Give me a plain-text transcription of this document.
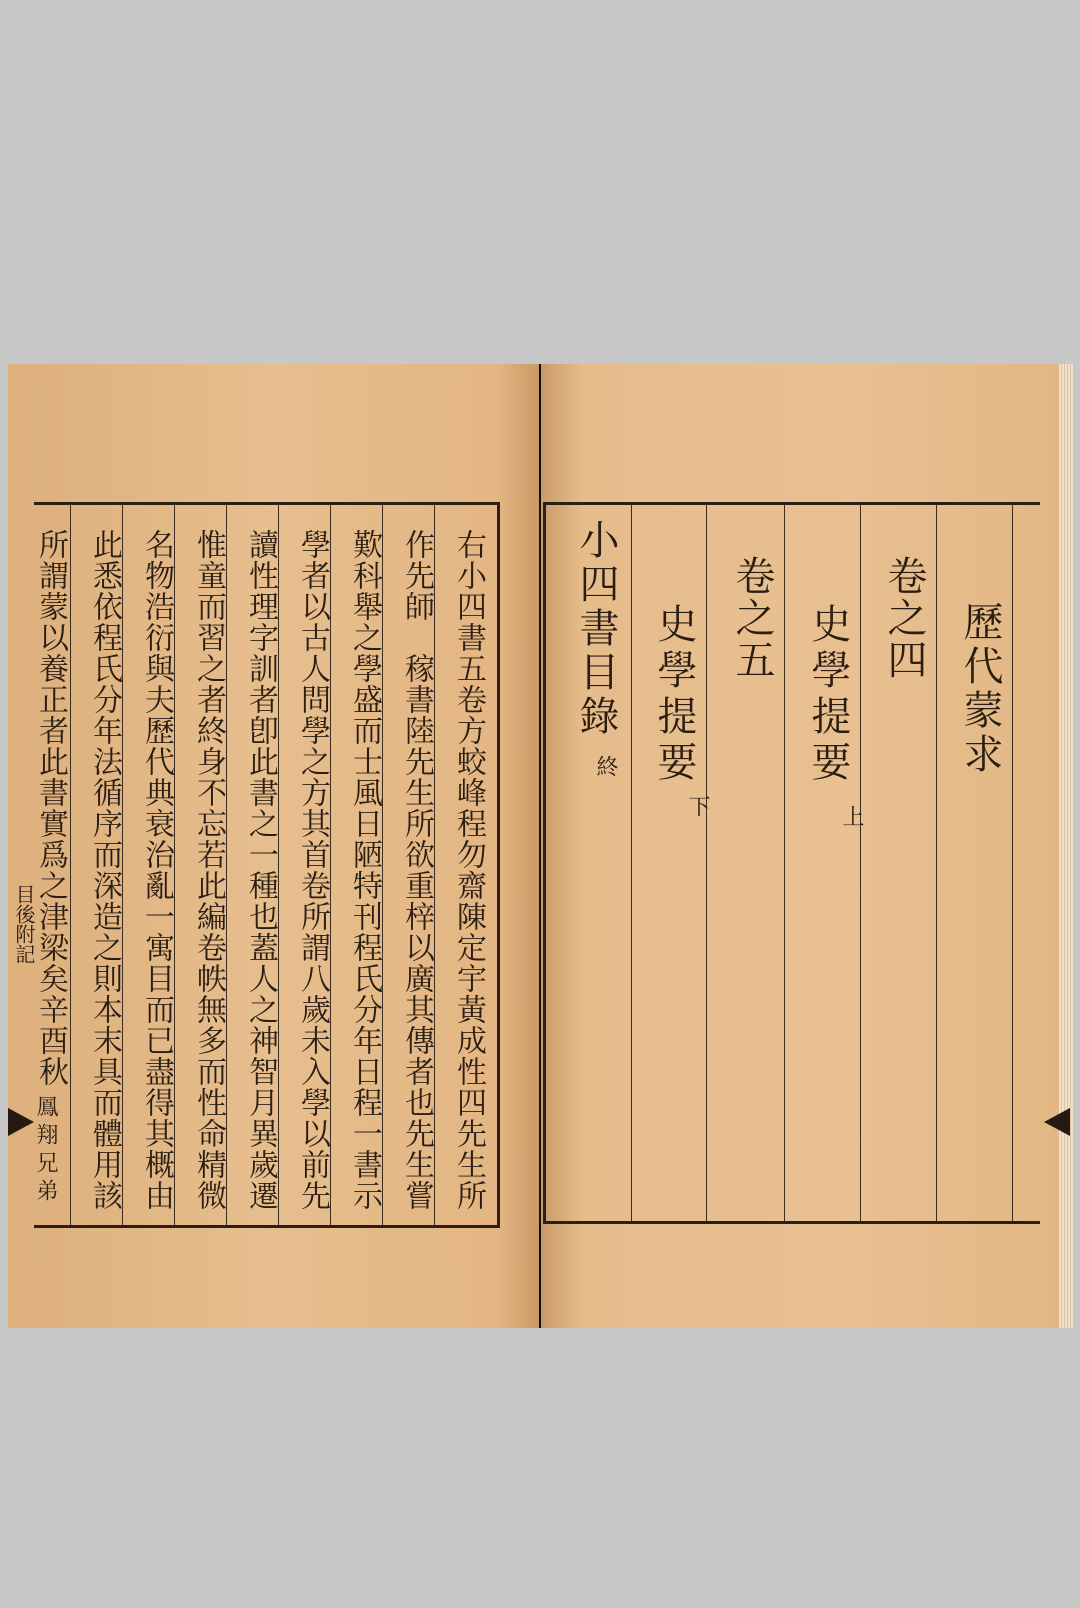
目後附記	右小四書五卷方蛟峰程勿齋陳定宇黃成性四先生所
作先師　稼書陸先生所欲重梓以廣其傳者也先生嘗
歎科舉之學盛而士風日陋特刊程氏分年日程一書示
學者以古人問學之方其首卷所謂八歲未入學以前先
讀性理字訓者卽此書之一種也蓋人之神智月異歲遷
惟童而習之者終身不忘若此編卷帙無多而性命精微
名物浩衍與夫歷代典衰治亂一寓目而已盡得其概由
此悉依程氏分年法循序而深造之則本末具而體用該
所謂蒙以養正者此書實爲之津梁矣辛酉秋
鳳翔兄弟
歷代蒙求
卷之四
史學提要
上
卷之五
史學提要
下
小四書目錄
終
